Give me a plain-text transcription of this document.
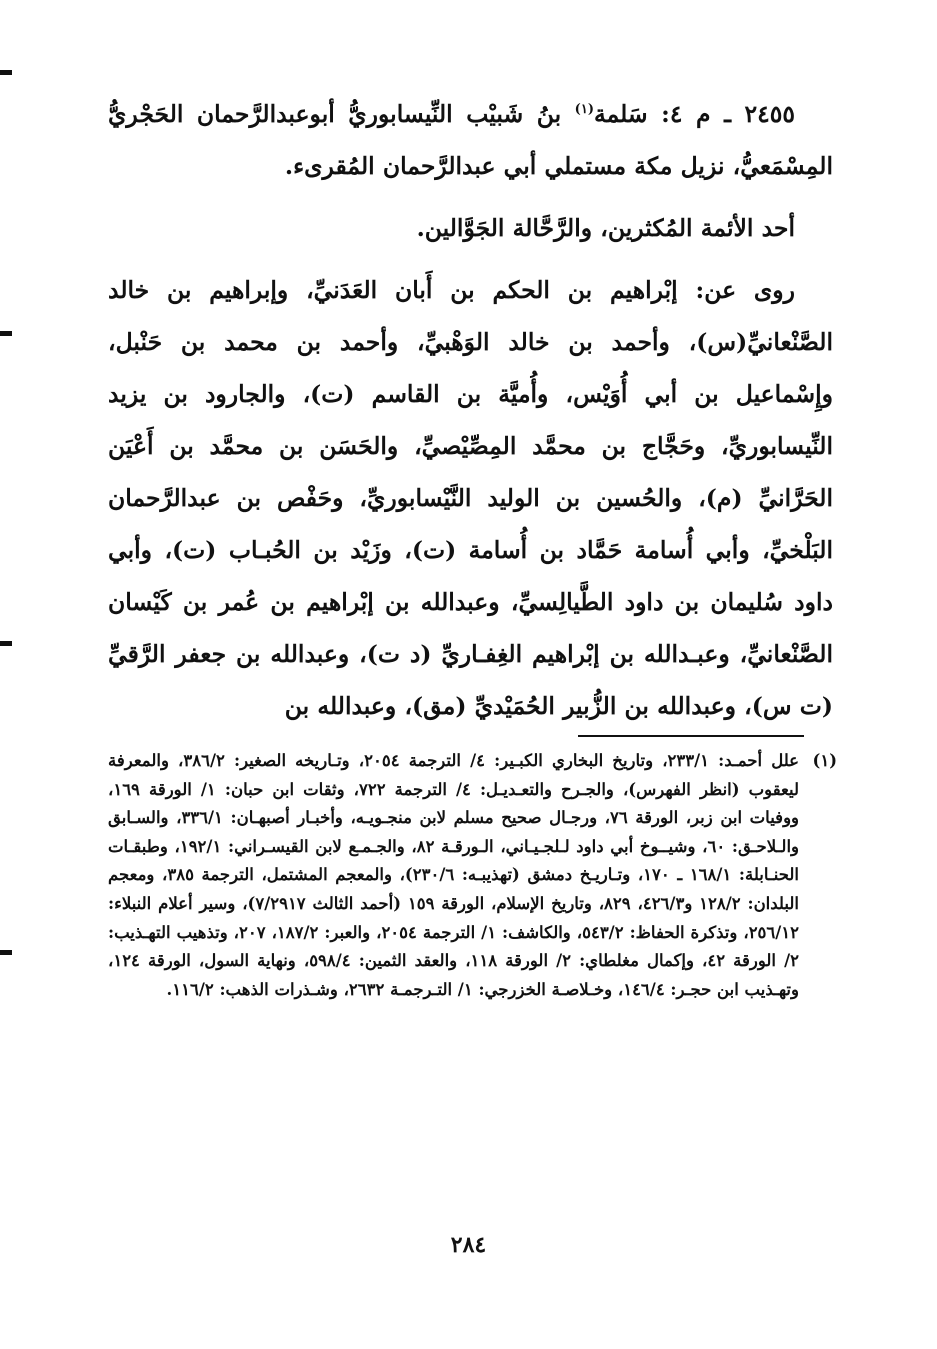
٢٤٥٥ ـ م ٤: سَلمة$^{(١)}$ بنُ شَبيْب النِّيسابوريُّ أبوعبدالرَّحمان الحَجْريُّ المِسْمَعيُّ، نزيل مكة مستملي أبي عبدالرَّحمان المُقرىء.

أحد الأئمة المُكثرين، والرَّحَّالة الجَوَّالين.

روى عن: إبْراهيم بن الحكم بن أَبان العَدَنيِّ، وإبراهيم بن خالد الصَّنْعانيِّ(س)، وأحمد بن خالد الوَهْبيِّ، وأحمد بن محمد بن حَنْبل، وإِسْماعيل بن أبي أُوَيْس، وأُميَّة بن القاسم (ت)، والجارود بن يزيد النِّيسابوريِّ، وحَجَّاج بن محمَّد المِصِّيْصيِّ، والحَسَن بن محمَّد بن أَعْيَن الحَرَّانيِّ (م)، والحُسين بن الوليد النَّيْسابوريِّ، وحَفْص بن عبدالرَّحمان البَلْخيِّ، وأبي أُسامة حَمَّاد بن أُسامة (ت)، وزَيْد بن الحُبـاب (ت)، وأبي داود سُليمان بن داود الطَّيالِسيِّ، وعبدالله بن إبْراهيم بن عُمر بن كَيْسان الصَّنْعانيِّ، وعبـدالله بن إبْراهيم الغِفـاريِّ (د ت)، وعبدالله بن جعفر الرَّقيِّ (ت س)، وعبدالله بن الزُّبير الحُمَيْديِّ (مق)، وعبدالله بن

(١)
علل أحمـد: ٢٣٣/١، وتاريخ البخاري الكبـير: ٤/ الترجمة ٢٠٥٤، وتـاريخه الصغير: ٣٨٦/٢، والمعرفة ليعقوب (انظر الفهرس)، والجـرح والتعـديـل: ٤/ الترجمة ٧٢٢، وثقات ابن حبان: ١/ الورقة ١٦٩، ووفيات ابن زبر، الورقة ٧٦، ورجـال صحيح مسلم لابن منجـويـه، وأخبـار أصبهـان: ٣٣٦/١، والسـابق والـلاحـق: ٦٠، وشيــوخ أبي داود لـلجـيـاني، الـورقـة ٨٢، والجـمـع لابن القيسـراني: ١٩٢/١، وطبقـات الحنـابلة: ١٦٨/١ ـ ١٧٠، وتـاريـخ دمشق (تهذيبـه: ٢٣٠/٦)، والمعجم المشتمل، الترجمة ٣٨٥، ومعجم البلدان: ١٢٨/٢ و٤٢٦/٣، ٨٢٩، وتاريخ الإسلام، الورقة ١٥٩ (أحمد الثالث ٧/٢٩١٧)، وسير أعلام النبلاء: ٢٥٦/١٢، وتذكرة الحفاظ: ٥٤٣/٢، والكاشف: ١/ الترجمة ٢٠٥٤، والعبر: ١٨٧/٢، ٢٠٧، وتذهيب التهـذيب: ٢/ الورقة ٤٢، وإكمال مغلطاي: ٢/ الورقة ١١٨، والعقد الثمين: ٥٩٨/٤، ونهاية السول، الورقة ١٢٤، وتهـذيب ابن حجـر: ١٤٦/٤، وخـلاصـة الخزرجي: ١/ التـرجمـة ٢٦٣٢، وشـذرات الذهب: ١١٦/٢.
٢٨٤
